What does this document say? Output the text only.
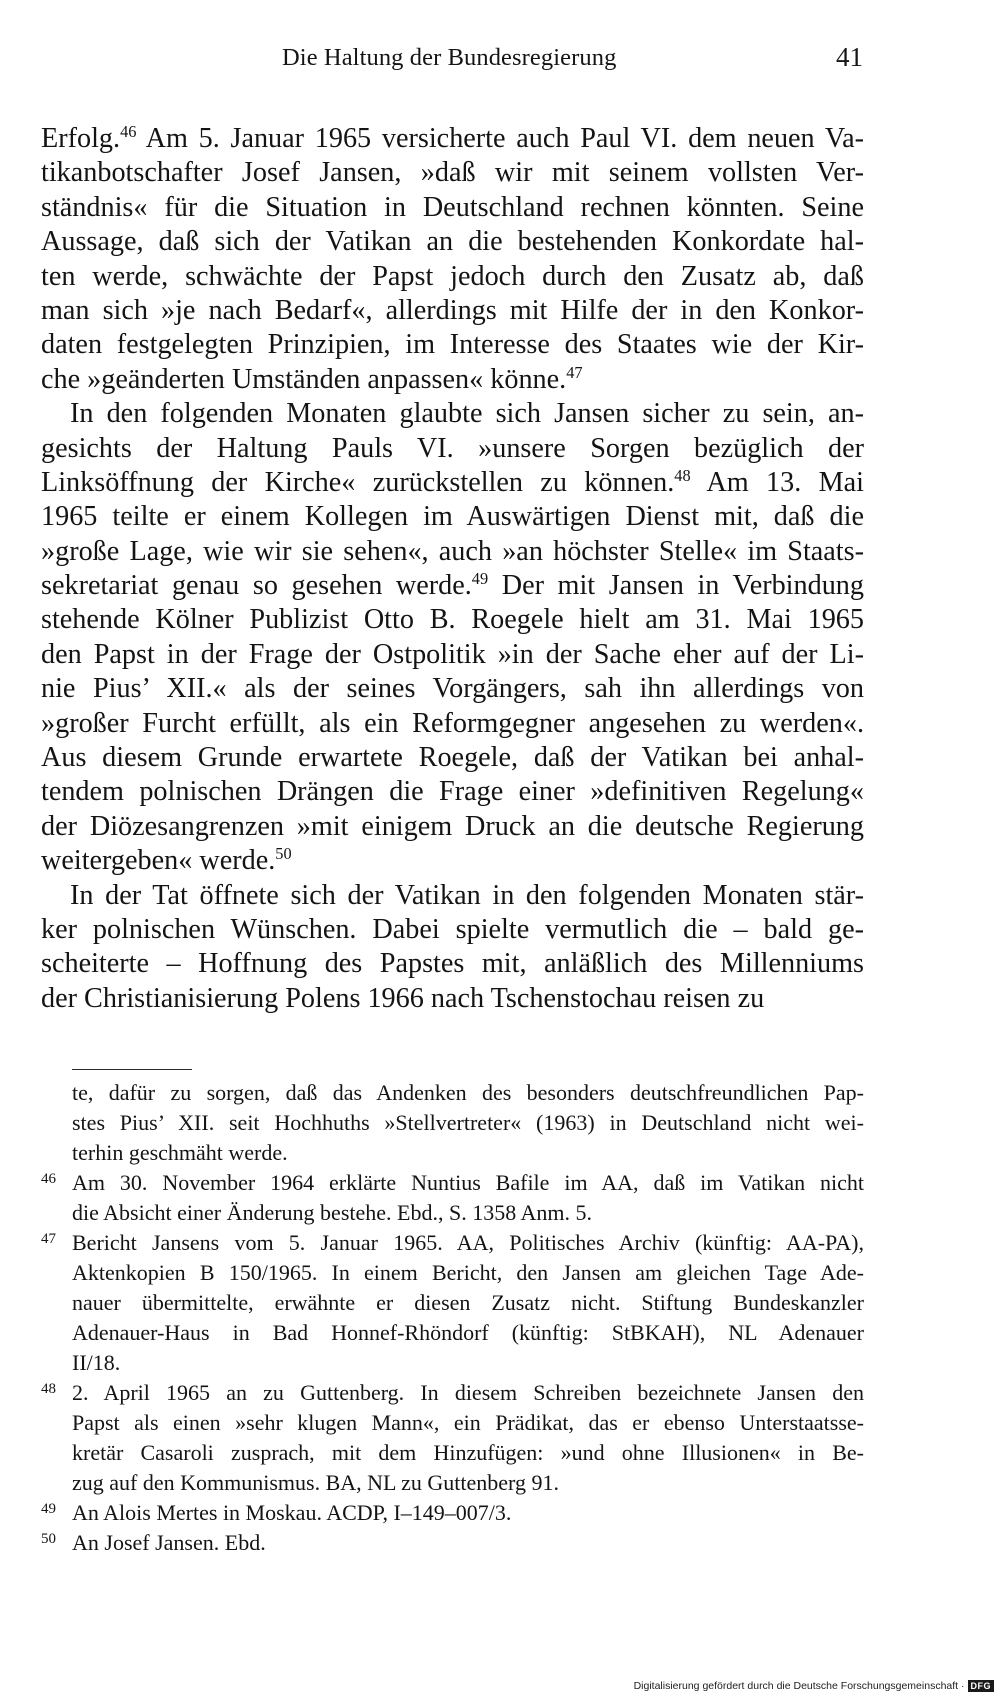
Die Haltung der Bundesregierung	41
Erfolg.$^{46}$ Am 5. Januar 1965 versicherte auch Paul VI. dem neuen Va-
tikanbotschafter Josef Jansen, »daß wir mit seinem vollsten Ver-
ständnis« für die Situation in Deutschland rechnen könnten. Seine
Aussage, daß sich der Vatikan an die bestehenden Konkordate hal-
ten werde, schwächte der Papst jedoch durch den Zusatz ab, daß
man sich »je nach Bedarf«, allerdings mit Hilfe der in den Konkor-
daten festgelegten Prinzipien, im Interesse des Staates wie der Kir-
che »geänderten Umständen anpassen« könne.$^{47}$
In den folgenden Monaten glaubte sich Jansen sicher zu sein, an-
gesichts der Haltung Pauls VI. »unsere Sorgen bezüglich der
Linksöffnung der Kirche« zurückstellen zu können.$^{48}$ Am 13. Mai
1965 teilte er einem Kollegen im Auswärtigen Dienst mit, daß die
»große Lage, wie wir sie sehen«, auch »an höchster Stelle« im Staats-
sekretariat genau so gesehen werde.$^{49}$ Der mit Jansen in Verbindung
stehende Kölner Publizist Otto B. Roegele hielt am 31. Mai 1965
den Papst in der Frage der Ostpolitik »in der Sache eher auf der Li-
nie Pius’ XII.« als der seines Vorgängers, sah ihn allerdings von
»großer Furcht erfüllt, als ein Reformgegner angesehen zu werden«.
Aus diesem Grunde erwartete Roegele, daß der Vatikan bei anhal-
tendem polnischen Drängen die Frage einer »definitiven Regelung«
der Diözesangrenzen »mit einigem Druck an die deutsche Regierung
weitergeben« werde.$^{50}$
In der Tat öffnete sich der Vatikan in den folgenden Monaten stär-
ker polnischen Wünschen. Dabei spielte vermutlich die – bald ge-
scheiterte – Hoffnung des Papstes mit, anläßlich des Millenniums
der Christianisierung Polens 1966 nach Tschenstochau reisen zu
te, dafür zu sorgen, daß das Andenken des besonders deutschfreundlichen Pap-
stes Pius’ XII. seit Hochhuths »Stellvertreter« (1963) in Deutschland nicht wei-
terhin geschmäht werde.
46 Am 30. November 1964 erklärte Nuntius Bafile im AA, daß im Vatikan nicht
die Absicht einer Änderung bestehe. Ebd., S. 1358 Anm. 5.
47 Bericht Jansens vom 5. Januar 1965. AA, Politisches Archiv (künftig: AA-PA),
Aktenkopien B 150/1965. In einem Bericht, den Jansen am gleichen Tage Ade-
nauer übermittelte, erwähnte er diesen Zusatz nicht. Stiftung Bundeskanzler
Adenauer-Haus in Bad Honnef-Rhöndorf (künftig: StBKAH), NL Adenauer
II/18.
48 2. April 1965 an zu Guttenberg. In diesem Schreiben bezeichnete Jansen den
Papst als einen »sehr klugen Mann«, ein Prädikat, das er ebenso Unterstaatsse-
kretär Casaroli zusprach, mit dem Hinzufügen: »und ohne Illusionen« in Be-
zug auf den Kommunismus. BA, NL zu Guttenberg 91.
49 An Alois Mertes in Moskau. ACDP, I–149–007/3.
50 An Josef Jansen. Ebd.
Digitalisierung gefördert durch die Deutsche Forschungsgemeinschaft · DFG
